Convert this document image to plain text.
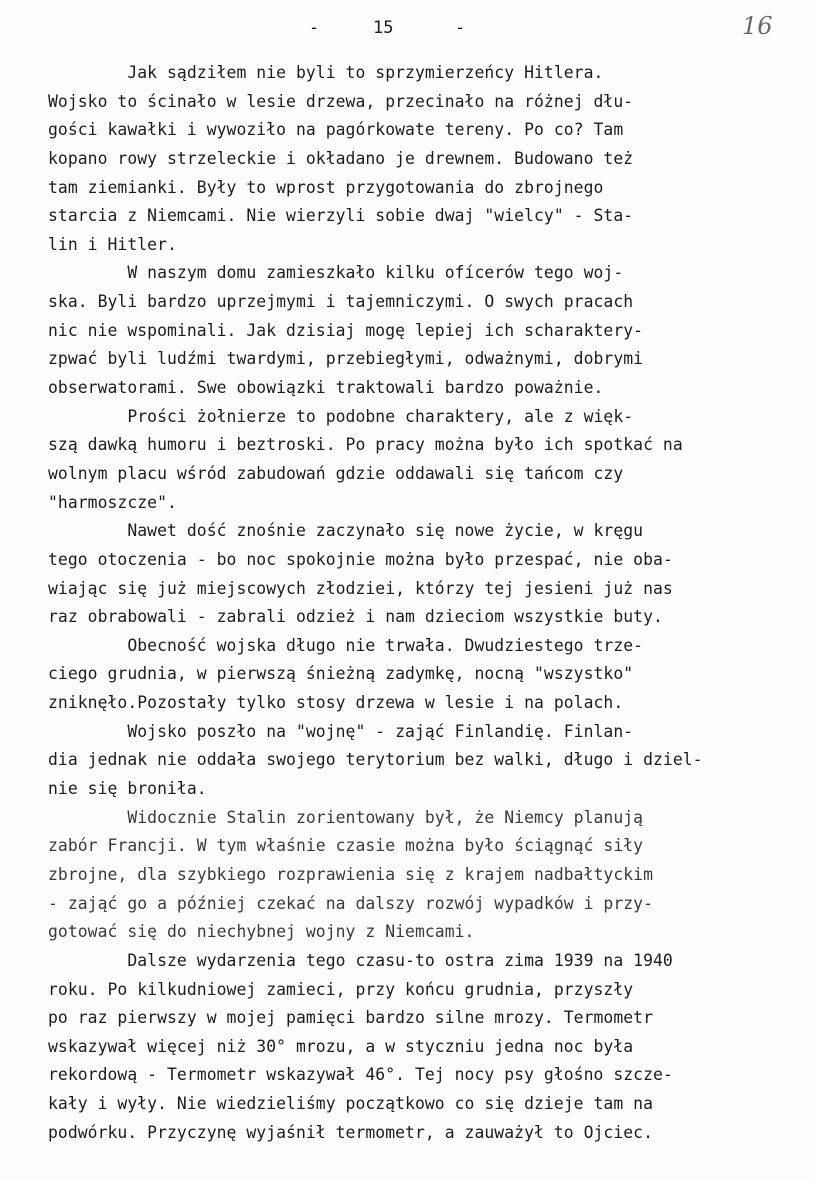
-	15	-	16
Jak sądziłem nie byli to sprzymierzeńcy Hitlera.
Wojsko to ścinało w lesie drzewa, przecinało na różnej dłu-
gości kawałki i wywoziło na pagórkowate tereny. Po co? Tam
kopano rowy strzeleckie i okładano je drewnem. Budowano też
tam ziemianki. Były to wprost przygotowania do zbrojnego
starcia z Niemcami. Nie wierzyli sobie dwaj "wielcy" - Sta-
lin i Hitler.
W naszym domu zamieszkało kilku ofícerów tego woj-
ska. Byli bardzo uprzejmymi i tajemniczymi. O swych pracach
nic nie wspominali. Jak dzisiaj mogę lepiej ich scharaktery-
zpwać byli ludźmi twardymi, przebiegłymi, odważnymi, dobrymi
obserwatorami. Swe obowiązki traktowali bardzo poważnie.
Prości żołnierze to podobne charaktery, ale z więk-
szą dawką humoru i beztroski. Po pracy można było ich spotkać na
wolnym placu wśród zabudowań gdzie oddawali się tańcom czy
"harmoszcze".
Nawet dość znośnie zaczynało się nowe życie, w kręgu
tego otoczenia - bo noc spokojnie można było przespać, nie oba-
wiając się już miejscowych złodziei, którzy tej jesieni już nas
raz obrabowali - zabrali odzież i nam dzieciom wszystkie buty.
Obecność wojska długo nie trwała. Dwudziestego trze-
ciego grudnia, w pierwszą śnieżną zadymkę, nocną "wszystko"
zniknęło.Pozostały tylko stosy drzewa w lesie i na polach.
Wojsko poszło na "wojnę" - zająć Finlandię. Finlan-
dia jednak nie oddała swojego terytorium bez walki, długo i dziel-
nie się broniła.
Widocznie Stalin zorientowany był, że Niemcy planują
zabór Francji. W tym właśnie czasie można było ściągnąć siły
zbrojne, dla szybkiego rozprawienia się z krajem nadbałtyckim
- zająć go a później czekać na dalszy rozwój wypadków i przy-
gotować się do niechybnej wojny z Niemcami.
Dalsze wydarzenia tego czasu-to ostra zima 1939 na 1940
roku. Po kilkudniowej zamieci, przy końcu grudnia, przyszły
po raz pierwszy w mojej pamięci bardzo silne mrozy. Termometr
wskazywał więcej niż 30° mrozu, a w styczniu jedna noc była
rekordową - Termometr wskazywał 46°. Tej nocy psy głośno szcze-
kały i wyły. Nie wiedzieliśmy początkowo co się dzieje tam na
podwórku. Przyczynę wyjaśnił termometr, a zauważył to Ojciec.
